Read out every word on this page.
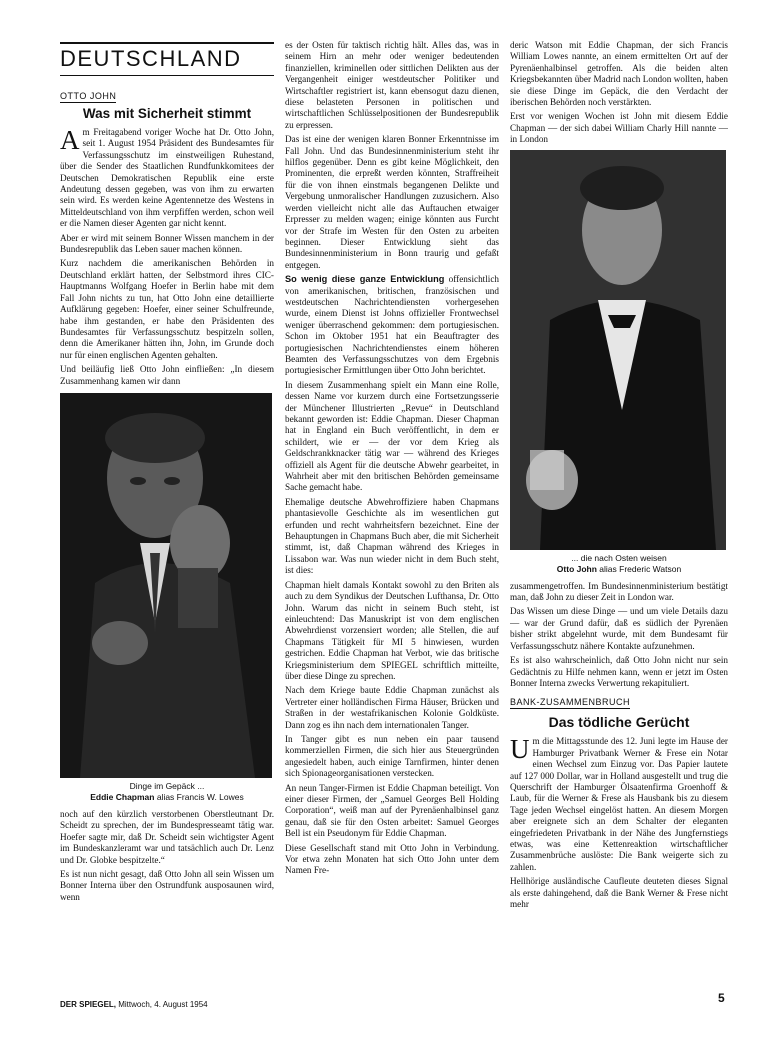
DEUTSCHLAND
OTTO JOHN
Was mit Sicherheit stimmt

Am Freitagabend voriger Woche hat Dr. Otto John, seit 1. August 1954 Präsident des Bundesamtes für Verfassungsschutz im einstweiligen Ruhestand, über die Sender des Staatlichen Rundfunkkomitees der Deutschen Demokratischen Republik eine erste Andeutung dessen gegeben, was von ihm zu erwarten sein wird. Es werden keine Agentennetze des Westens in Mitteldeutschland von ihm verpfiffen werden, schon weil er die Namen dieser Agenten gar nicht kennt.

Aber er wird mit seinem Bonner Wissen manchem in der Bundesrepublik das Leben sauer machen können.

Kurz nachdem die amerikanischen Behörden in Deutschland erklärt hatten, der Selbstmord ihres CIC-Hauptmanns Wolfgang Hoefer in Berlin habe mit dem Fall John nichts zu tun, hat Otto John eine detaillierte Aufklärung gegeben: Hoefer, einer seiner Schulfreunde, habe ihm gestanden, er habe den Präsidenten des Bundesamtes für Verfassungsschutz bespitzeln sollen, denn die Amerikaner hätten ihn, John, im Grunde doch nur für einen englischen Agenten gehalten.

Und beiläufig ließ Otto John einfließen: „In diesem Zusammenhang kamen wir dann

Dinge im Gepäck ...
Eddie Chapman alias Francis W. Lowes

noch auf den kürzlich verstorbenen Oberstleutnant Dr. Scheidt zu sprechen, der im Bundespresseamt tätig war. Hoefer sagte mir, daß Dr. Scheidt sein wichtigster Agent im Bundeskanzleramt war und tatsächlich auch Dr. Lenz und Dr. Globke bespitzelte.“

Es ist nun nicht gesagt, daß Otto John all sein Wissen um Bonner Interna über den Ostrundfunk ausposaunen wird, wenn

es der Osten für taktisch richtig hält. Alles das, was in seinem Hirn an mehr oder weniger bedeutenden finanziellen, kriminellen oder sittlichen Delikten aus der Vergangenheit einiger westdeutscher Politiker und Wirtschaftler registriert ist, kann ebensogut dazu dienen, diese belasteten Personen in politischen und wirtschaftlichen Schlüsselpositionen der Bundesrepublik zu erpressen.

Das ist eine der wenigen klaren Bonner Erkenntnisse im Fall John. Und das Bundesinnenministerium steht ihr hilflos gegenüber. Denn es gibt keine Möglichkeit, den Prominenten, die erpreßt werden könnten, Straffreiheit für die von ihnen einstmals begangenen Delikte und Vergebung unmoralischer Handlungen zuzusichern. Also werden vielleicht nicht alle das Auftauchen etwaiger Erpresser zu melden wagen; einige könnten aus Furcht vor der Strafe im Westen für den Osten zu arbeiten beginnen. Dieser Entwicklung sieht das Bundesinnenministerium in Bonn traurig und gefaßt entgegen.

So wenig diese ganze Entwicklung offensichtlich von amerikanischen, britischen, französischen und westdeutschen Nachrichtendiensten vorhergesehen wurde, einem Dienst ist Johns offizieller Frontwechsel weniger überraschend gekommen: dem portugiesischen. Schon im Oktober 1951 hat ein Beauftragter des portugiesischen Nachrichtendienstes einem höheren Beamten des Verfassungsschutzes von dem Ergebnis portugiesischer Ermittlungen über Otto John berichtet.

In diesem Zusammenhang spielt ein Mann eine Rolle, dessen Name vor kurzem durch eine Fortsetzungsserie der Münchener Illustrierten „Revue“ in Deutschland bekannt geworden ist: Eddie Chapman. Dieser Chapman hat in England ein Buch veröffentlicht, in dem er schildert, wie er — der vor dem Krieg als Geldschrankknacker tätig war — während des Krieges offiziell als Agent für die deutsche Abwehr gearbeitet, in Wahrheit aber mit den britischen Behörden gemeinsame Sache gemacht habe.

Ehemalige deutsche Abwehroffiziere haben Chapmans phantasievolle Geschichte als im wesentlichen gut erfunden und recht wahrheitsfern bezeichnet. Eine der Behauptungen in Chapmans Buch aber, die mit Sicherheit stimmt, ist, daß Chapman während des Krieges in Lissabon war. Was nun wieder nicht in dem Buch steht, ist dies:

Chapman hielt damals Kontakt sowohl zu den Briten als auch zu dem Syndikus der Deutschen Lufthansa, Dr. Otto John. Warum das nicht in seinem Buch steht, ist einleuchtend: Das Manuskript ist von dem englischen Abwehrdienst vorzensiert worden; alle Stellen, die auf Chapmans Tätigkeit für MI 5 hinwiesen, wurden gestrichen. Eddie Chapman hat Verbot, wie das britische Kriegsministerium dem SPIEGEL schriftlich mitteilte, über diese Dinge zu sprechen.

Nach dem Kriege baute Eddie Chapman zunächst als Vertreter einer holländischen Firma Häuser, Brücken und Straßen in der westafrikanischen Kolonie Goldküste. Dann zog es ihn nach dem internationalen Tanger.

In Tanger gibt es nun neben ein paar tausend kommerziellen Firmen, die sich hier aus Steuergründen angesiedelt haben, auch einige Tarnfirmen, hinter denen sich Spionageorganisationen verstecken.

An neun Tanger-Firmen ist Eddie Chapman beteiligt. Von einer dieser Firmen, der „Samuel Georges Bell Holding Corporation“, weiß man auf der Pyrenäenhalbinsel ganz genau, daß sie für den Osten arbeitet: Samuel Georges Bell ist ein Pseudonym für Eddie Chapman.

Diese Gesellschaft stand mit Otto John in Verbindung. Vor etwa zehn Monaten hat sich Otto John unter dem Namen Fre-

deric Watson mit Eddie Chapman, der sich Francis William Lowes nannte, an einem ermittelten Ort auf der Pyrenäenhalbinsel getroffen. Als die beiden alten Kriegsbekannten über Madrid nach London wollten, haben sie diese Dinge im Gepäck, die den Verdacht der iberischen Behörden noch verstärkten.

Erst vor wenigen Wochen ist John mit diesem Eddie Chapman — der sich dabei William Charly Hill nannte — in London

... die nach Osten weisen
Otto John alias Frederic Watson

zusammengetroffen. Im Bundesinnenministerium bestätigt man, daß John zu dieser Zeit in London war.

Das Wissen um diese Dinge — und um viele Details dazu — war der Grund dafür, daß es südlich der Pyrenäen bisher strikt abgelehnt wurde, mit dem Bundesamt für Verfassungsschutz nähere Kontakte aufzunehmen.

Es ist also wahrscheinlich, daß Otto John nicht nur sein Gedächtnis zu Hilfe nehmen kann, wenn er jetzt im Osten Bonner Interna zwecks Verwertung rekapituliert.

BANK-ZUSAMMENBRUCH
Das tödliche Gerücht

Um die Mittagsstunde des 12. Juni legte im Hause der Hamburger Privatbank Werner & Frese ein Notar einen Wechsel zum Einzug vor. Das Papier lautete auf 127 000 Dollar, war in Holland ausgestellt und trug die Querschrift der Hamburger Ölsaatenfirma Groenhoff & Laub, für die Werner & Frese als Hausbank bis zu diesem Tage jeden Wechsel eingelöst hatten. An diesem Morgen aber ereignete sich an dem Schalter der eleganten eingefriedeten Privatbank in der Nähe des Jungfernstiegs etwas, was eine Kettenreaktion wirtschaftlicher Zusammenbrüche auslöste: Die Bank weigerte sich zu zahlen.

Hellhörige ausländische Caufleute deuteten dieses Signal als erste dahingehend, daß die Bank Werner & Frese nicht mehr

DER SPIEGEL, Mittwoch, 4. August 1954	5
